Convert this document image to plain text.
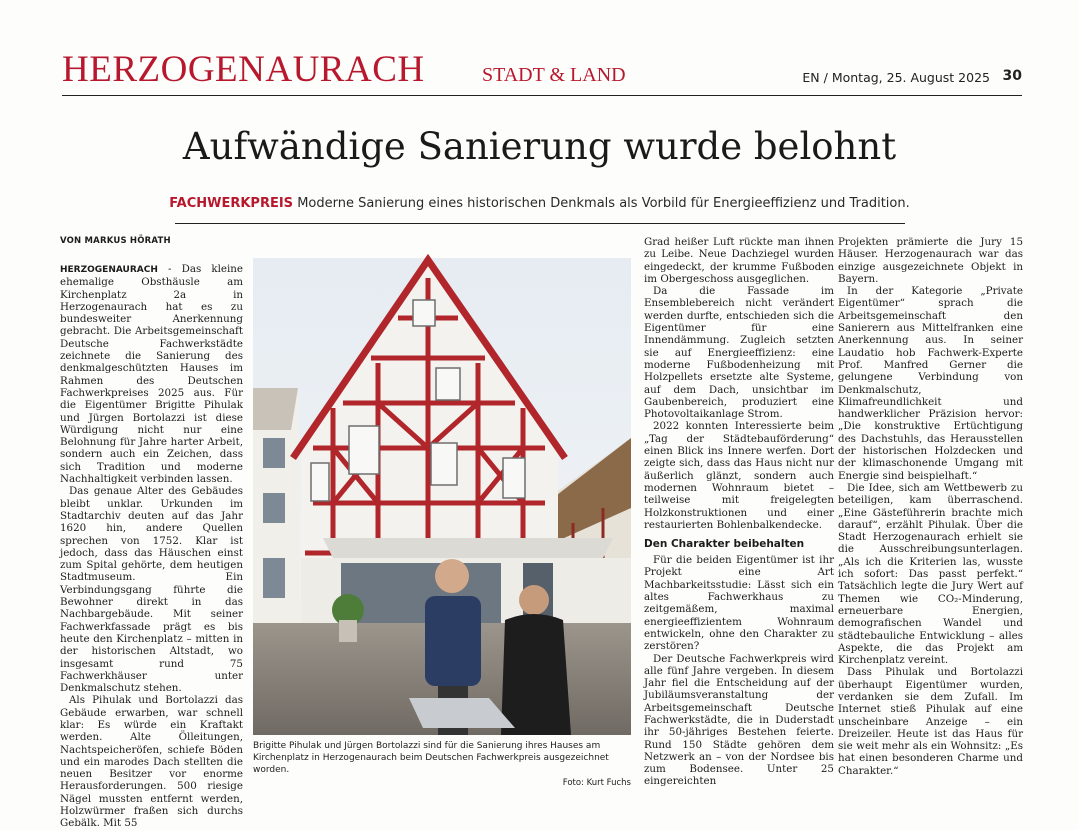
HERZOGENAURACH	STADT & LAND	EN / Montag, 25. August 2025 30
Aufwändige Sanierung wurde belohnt
FACHWERKPREIS Moderne Sanierung eines historischen Denkmals als Vorbild für Energieeffizienz und Tradition.
VON MARKUS HÖRATH

HERZOGENAURACH - Das kleine ehemalige Obsthäusle am Kirchenplatz 2a in Herzogenaurach hat es zu bundesweiter Anerkennung gebracht. Die Arbeitsgemeinschaft Deutsche Fachwerkstädte zeichnete die Sanierung des denkmalgeschützten Hauses im Rahmen des Deutschen Fachwerkpreises 2025 aus. Für die Eigentümer Brigitte Pihulak und Jürgen Bortolazzi ist diese Würdigung nicht nur eine Belohnung für Jahre harter Arbeit, sondern auch ein Zeichen, dass sich Tradition und moderne Nachhaltigkeit verbinden lassen.

Das genaue Alter des Gebäudes bleibt unklar. Urkunden im Stadtarchiv deuten auf das Jahr 1620 hin, andere Quellen sprechen von 1752. Klar ist jedoch, dass das Häuschen einst zum Spital gehörte, dem heutigen Stadtmuseum. Ein Verbindungsgang führte die Bewohner direkt in das Nachbargebäude. Mit seiner Fachwerkfassade prägt es bis heute den Kirchenplatz – mitten in der historischen Altstadt, wo insgesamt rund 75 Fachwerkhäuser unter Denkmalschutz stehen.

Als Pihulak und Bortolazzi das Gebäude erwarben, war schnell klar: Es würde ein Kraftakt werden. Alte Ölleitungen, Nachtspeicheröfen, schiefe Böden und ein marodes Dach stellten die neuen Besitzer vor enorme Herausforderungen. 500 riesige Nägel mussten entfernt werden, Holzwürmer fraßen sich durchs Gebälk. Mit 55

Brigitte Pihulak und Jürgen Bortolazzi sind für die Sanierung ihres Hauses am Kirchenplatz in Herzogenaurach beim Deutschen Fachwerkpreis ausgezeichnet worden.
Foto: Kurt Fuchs

Grad heißer Luft rückte man ihnen zu Leibe. Neue Dachziegel wurden eingedeckt, der krumme Fußboden im Obergeschoss ausgeglichen.

Da die Fassade im Ensemblebereich nicht verändert werden durfte, entschieden sich die Eigentümer für eine Innendämmung. Zugleich setzten sie auf Energieeffizienz: eine moderne Fußbodenheizung mit Holzpellets ersetzte alte Systeme, auf dem Dach, unsichtbar im Gaubenbereich, produziert eine Photovoltaikanlage Strom.

2022 konnten Interessierte beim „Tag der Städtebauförderung“ einen Blick ins Innere werfen. Dort zeigte sich, dass das Haus nicht nur äußerlich glänzt, sondern auch modernen Wohnraum bietet – teilweise mit freigelegten Holzkonstruktionen und einer restaurierten Bohlenbalkendecke.

Den Charakter beibehalten

Für die beiden Eigentümer ist ihr Projekt eine Art Machbarkeitsstudie: Lässt sich ein altes Fachwerkhaus zu zeitgemäßem, maximal energieeffizientem Wohnraum entwickeln, ohne den Charakter zu zerstören?

Der Deutsche Fachwerkpreis wird alle fünf Jahre vergeben. In diesem Jahr fiel die Entscheidung auf der Jubiläumsveranstaltung der Arbeitsgemeinschaft Deutsche Fachwerkstädte, die in Duderstadt ihr 50-jähriges Bestehen feierte. Rund 150 Städte gehören dem Netzwerk an – von der Nordsee bis zum Bodensee. Unter 25 eingereichten

Projekten prämierte die Jury 15 Häuser. Herzogenaurach war das einzige ausgezeichnete Objekt in Bayern.

In der Kategorie „Private Eigentümer“ sprach die Arbeitsgemeinschaft den Sanierern aus Mittelfranken eine Anerkennung aus. In seiner Laudatio hob Fachwerk-Experte Prof. Manfred Gerner die gelungene Verbindung von Denkmalschutz, Klimafreundlichkeit und handwerklicher Präzision hervor: „Die konstruktive Ertüchtigung des Dachstuhls, das Herausstellen der historischen Holzdecken und der klimaschonende Umgang mit Energie sind beispielhaft.“

Die Idee, sich am Wettbewerb zu beteiligen, kam überraschend. „Eine Gästeführerin brachte mich darauf“, erzählt Pihulak. Über die Stadt Herzogenaurach erhielt sie die Ausschreibungsunterlagen. „Als ich die Kriterien las, wusste ich sofort: Das passt perfekt.“ Tatsächlich legte die Jury Wert auf Themen wie CO₂-Minderung, erneuerbare Energien, demografischen Wandel und städtebauliche Entwicklung – alles Aspekte, die das Projekt am Kirchenplatz vereint.

Dass Pihulak und Bortolazzi überhaupt Eigentümer wurden, verdanken sie dem Zufall. Im Internet stieß Pihulak auf eine unscheinbare Anzeige – ein Dreizeiler. Heute ist das Haus für sie weit mehr als ein Wohnsitz: „Es hat einen besonderen Charme und Charakter.“
